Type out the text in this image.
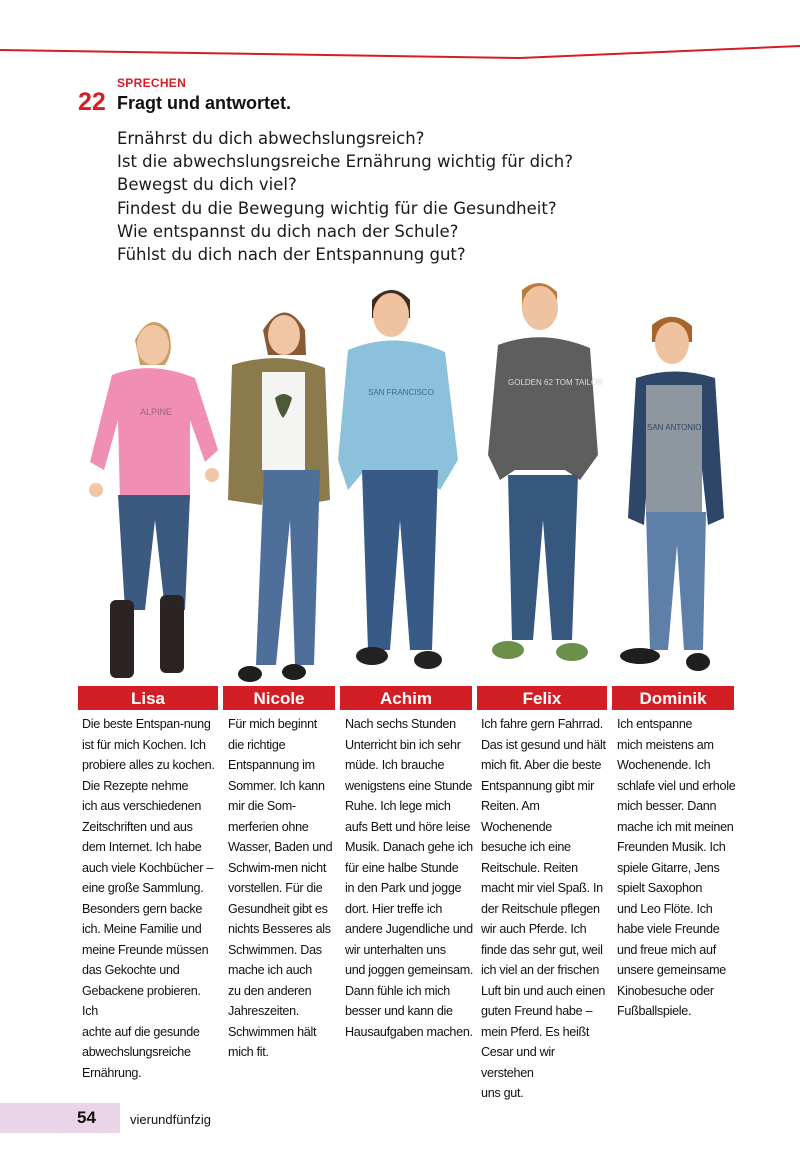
SPRECHEN
22 Fragt und antwortet.
Ernährst du dich abwechslungsreich?
Ist die abwechslungsreiche Ernährung wichtig für dich?
Bewegst du dich viel?
Findest du die Bewegung wichtig für die Gesundheit?
Wie entspannst du dich nach der Schule?
Fühlst du dich nach der Entspannung gut?
ALPINE
SAN FRANCISCO
GOLDEN 62 TOM TAILOR
SAN ANTONIO
Lisa	Nicole	Achim	Felix	Dominik
Die beste Entspan-nung
ist für mich Kochen. Ich
probiere alles zu kochen.
Die Rezepte nehme
ich aus verschiedenen
Zeitschriften und aus
dem Internet. Ich habe
auch viele Kochbücher –
eine große Sammlung.
Besonders gern backe
ich. Meine Familie und
meine Freunde müssen
das Gekochte und
Gebackene probieren. Ich
achte auf die gesunde
abwechslungsreiche
Ernährung.
Für mich beginnt
die richtige
Entspannung im
Sommer. Ich kann
mir die Som-
merferien ohne
Wasser, Baden und
Schwim-men nicht
vorstellen. Für die
Gesundheit gibt es
nichts Besseres als
Schwimmen. Das
mache ich auch
zu den anderen
Jahreszeiten.
Schwimmen hält
mich fit.
Nach sechs Stunden
Unterricht bin ich sehr
müde. Ich brauche
wenigstens eine Stunde
Ruhe. Ich lege mich
aufs Bett und höre leise
Musik. Danach gehe ich
für eine halbe Stunde
in den Park und jogge
dort. Hier treffe ich
andere Jugendliche und
wir unterhalten uns
und joggen gemeinsam.
Dann fühle ich mich
besser und kann die
Hausaufgaben machen.
Ich fahre gern Fahrrad.
Das ist gesund und hält
mich fit. Aber die beste
Entspannung gibt mir
Reiten. Am Wochenende
besuche ich eine
Reitschule. Reiten
macht mir viel Spaß. In
der Reitschule pflegen
wir auch Pferde. Ich
finde das sehr gut, weil
ich viel an der frischen
Luft bin und auch einen
guten Freund habe –
mein Pferd. Es heißt
Cesar und wir verstehen
uns gut.
Ich entspanne
mich meistens am
Wochenende. Ich
schlafe viel und erhole
mich besser. Dann
mache ich mit meinen
Freunden Musik. Ich
spiele Gitarre, Jens
spielt Saxophon
und Leo Flöte. Ich
habe viele Freunde
und freue mich auf
unsere gemeinsame
Kinobesuche oder
Fußballspiele.
54	vierundfünfzig
